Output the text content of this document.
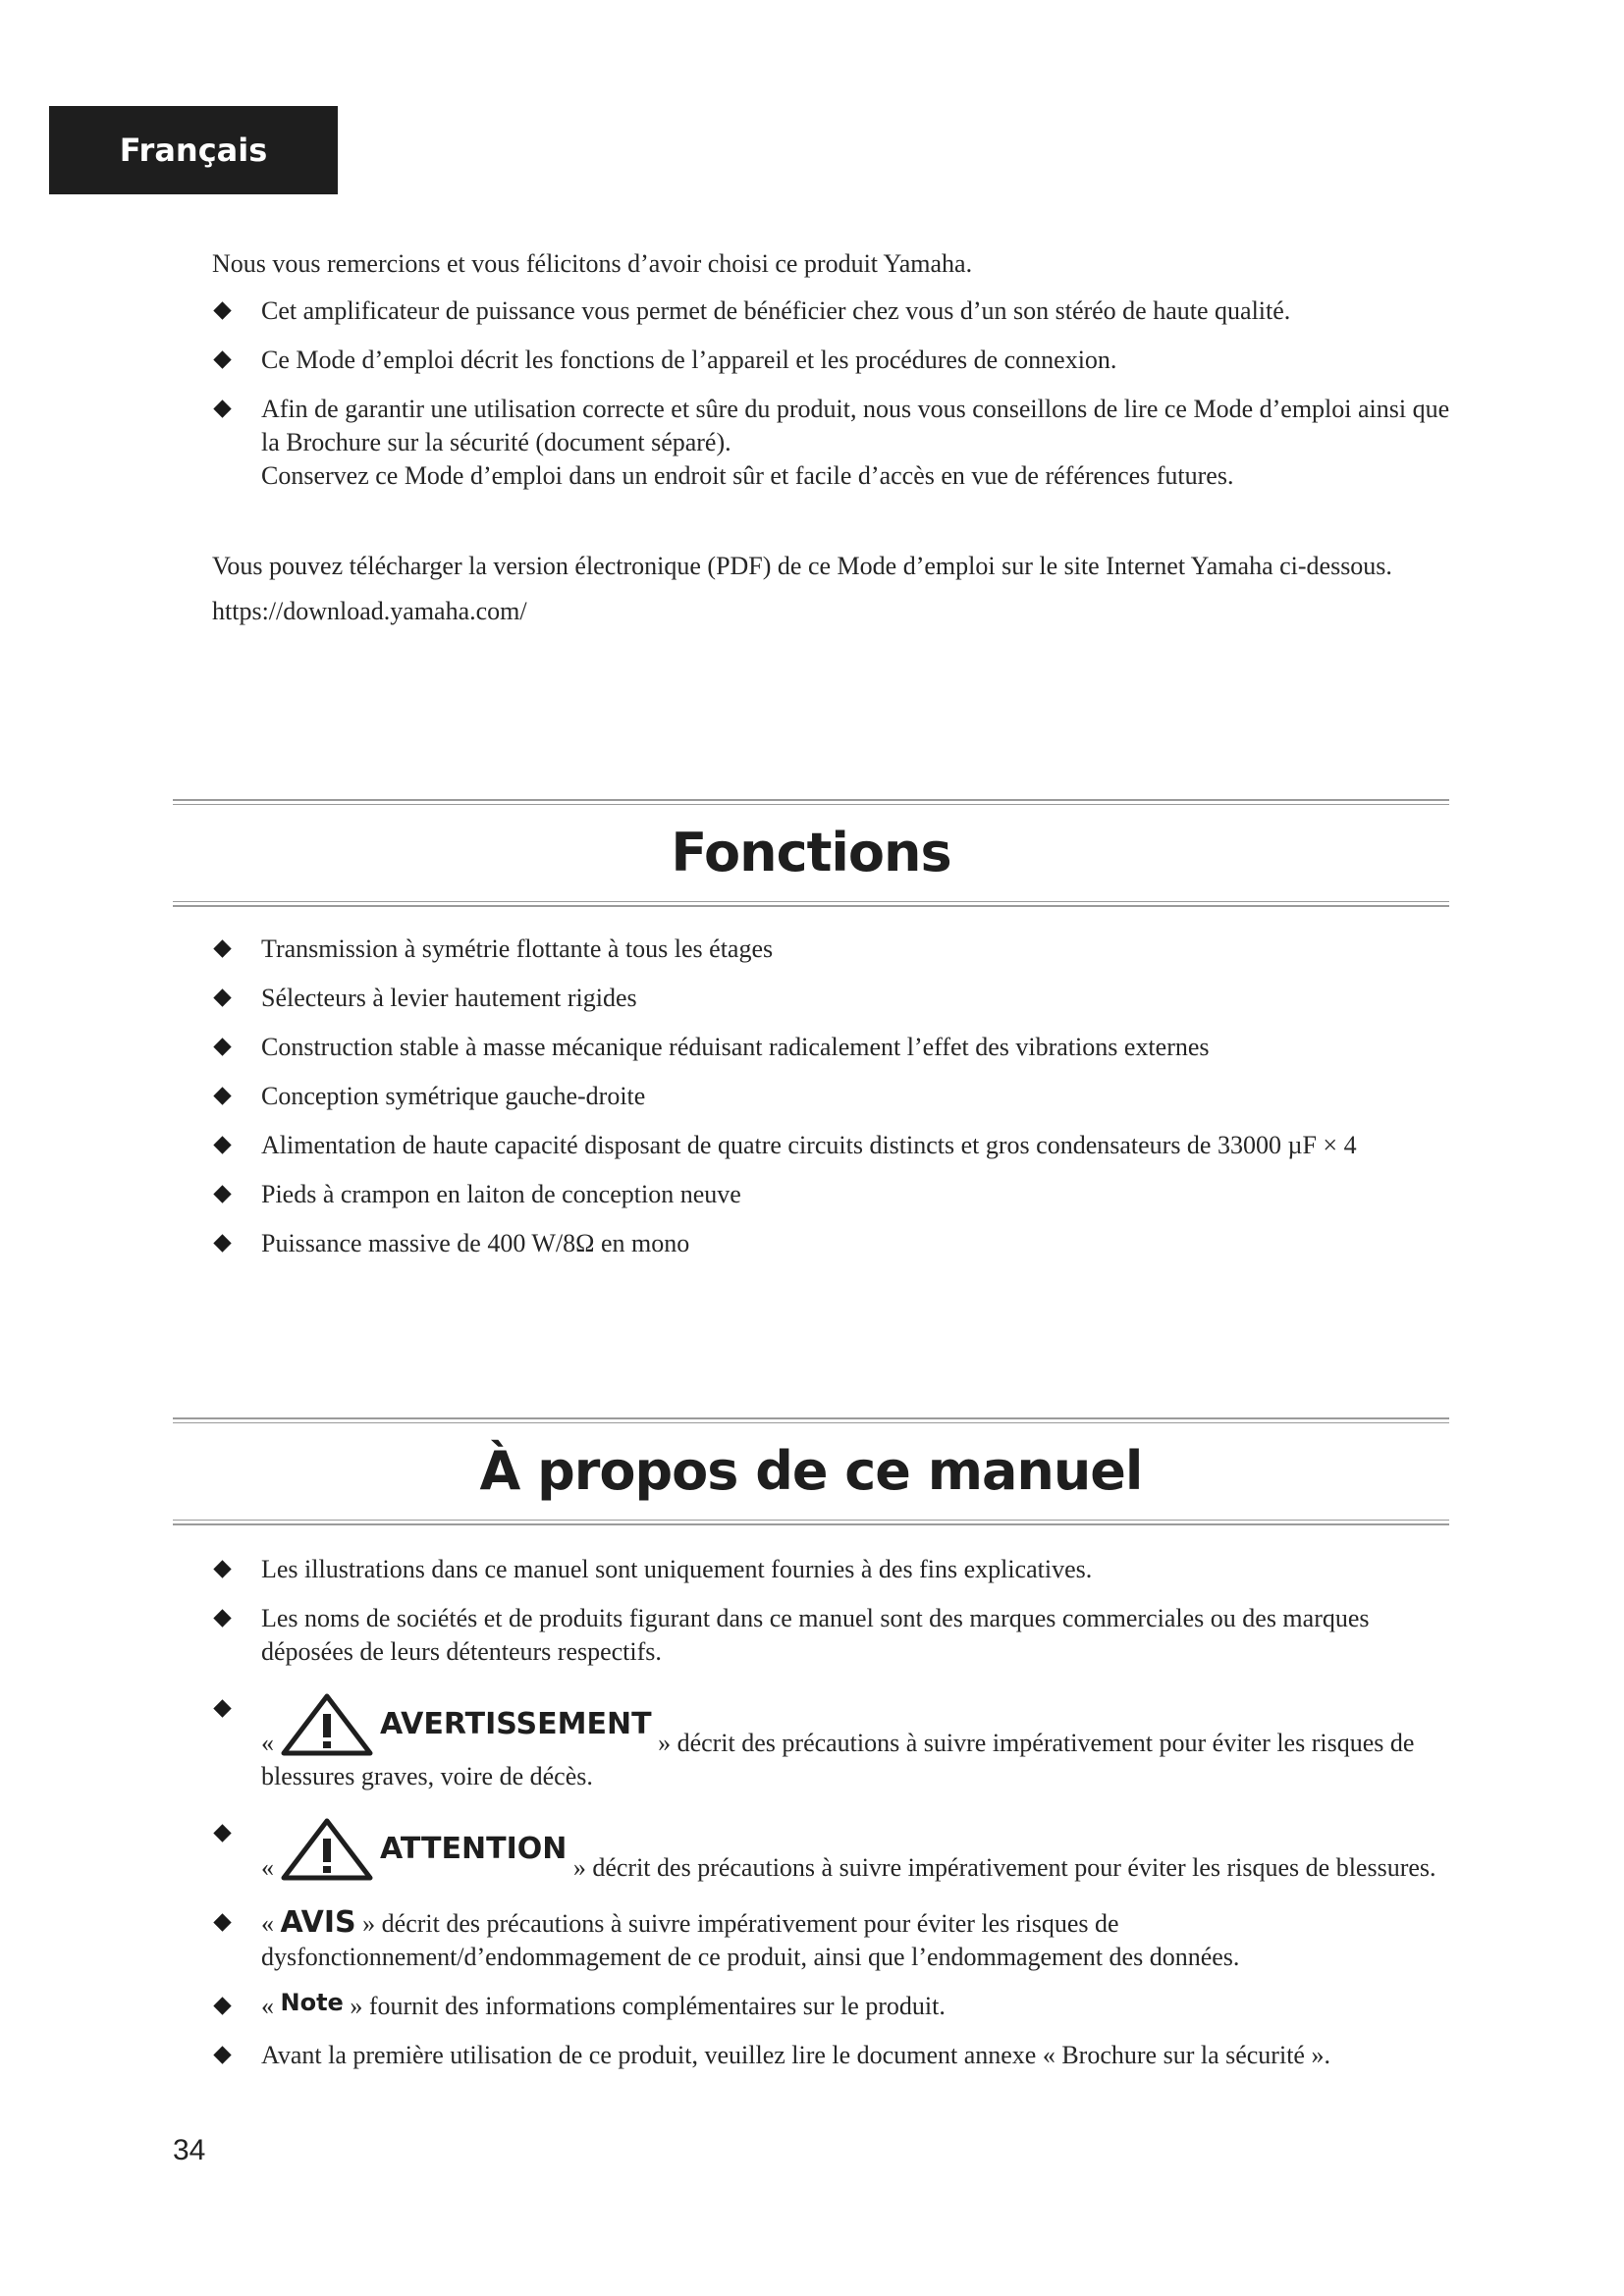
Français

Nous vous remercions et vous félicitons d’avoir choisi ce produit Yamaha.

Cet amplificateur de puissance vous permet de bénéficier chez vous d’un son stéréo de haute qualité.
Ce Mode d’emploi décrit les fonctions de l’appareil et les procédures de connexion.
Afin de garantir une utilisation correcte et sûre du produit, nous vous conseillons de lire ce Mode d’emploi ainsi que la Brochure sur la sécurité (document séparé).
Conservez ce Mode d’emploi dans un endroit sûr et facile d’accès en vue de références futures.

Vous pouvez télécharger la version électronique (PDF) de ce Mode d’emploi sur le site Internet Yamaha ci-dessous.

https://download.yamaha.com/

Fonctions
Transmission à symétrie flottante à tous les étages
Sélecteurs à levier hautement rigides
Construction stable à masse mécanique réduisant radicalement l’effet des vibrations externes
Conception symétrique gauche-droite
Alimentation de haute capacité disposant de quatre circuits distincts et gros condensateurs de 33000 µF × 4
Pieds à crampon en laiton de conception neuve
Puissance massive de 400 W/8Ω en mono
À propos de ce manuel
Les illustrations dans ce manuel sont uniquement fournies à des fins explicatives.
Les noms de sociétés et de produits figurant dans ce manuel sont des marques commerciales ou des marques déposées de leurs détenteurs respectifs.
«
AVERTISSEMENT
» décrit des précautions à suivre impérativement pour éviter les risques de blessures graves, voire de décès.
«
ATTENTION
» décrit des précautions à suivre impérativement pour éviter les risques de blessures.
« AVIS » décrit des précautions à suivre impérativement pour éviter les risques de dysfonctionnement/d’endommagement de ce produit, ainsi que l’endommagement des données.
« Note » fournit des informations complémentaires sur le produit.
Avant la première utilisation de ce produit, veuillez lire le document annexe « Brochure sur la sécurité ».
34
